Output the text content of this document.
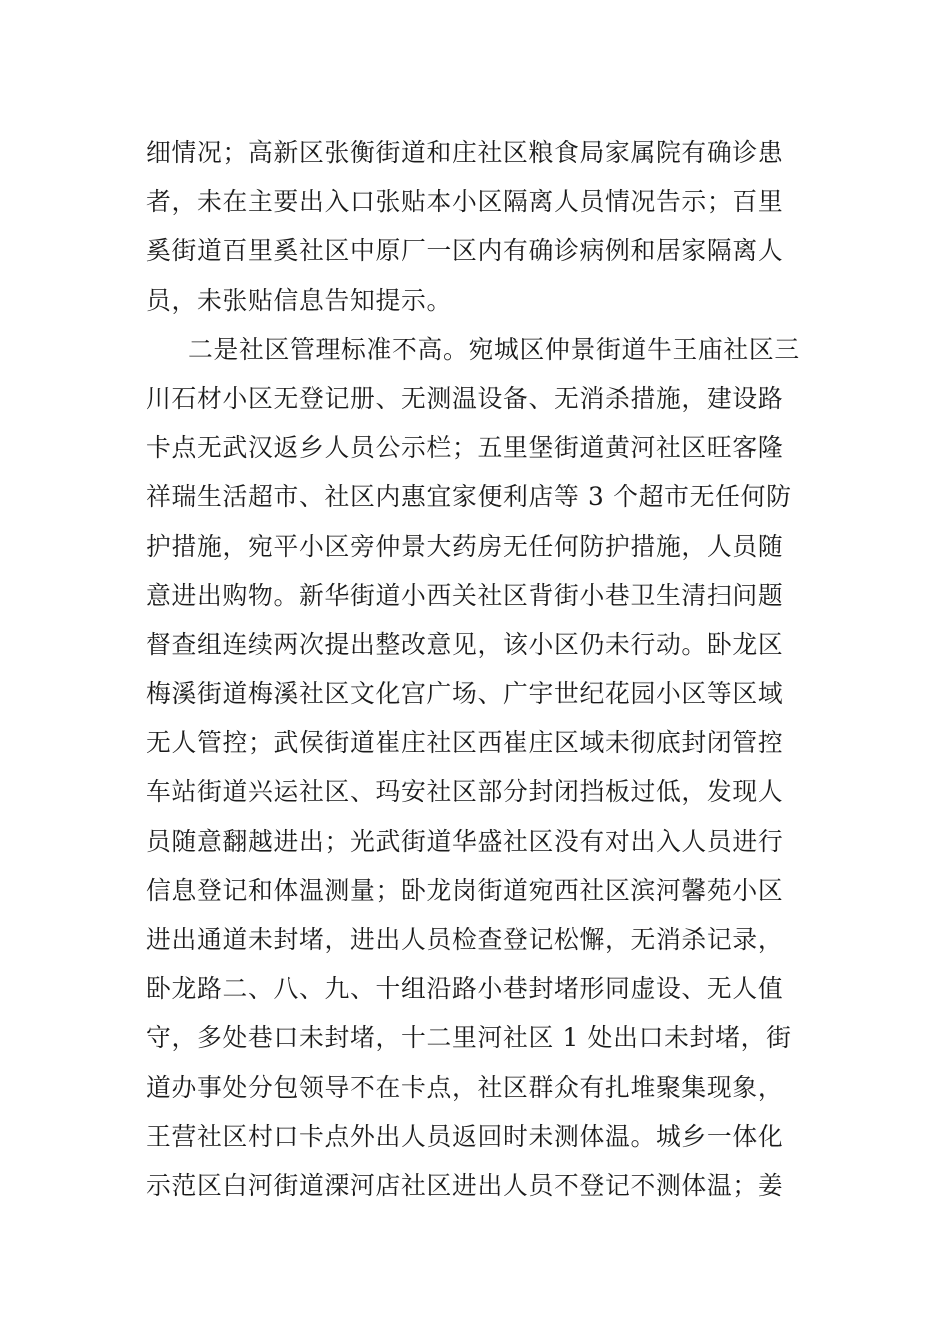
细情况；高新区张衡街道和庄社区粮食局家属院有确诊患
者，未在主要出入口张贴本小区隔离人员情况告示；百里
奚街道百里奚社区中原厂一区内有确诊病例和居家隔离人
员，未张贴信息告知提示。
二是社区管理标准不高。宛城区仲景街道牛王庙社区三
川石材小区无登记册、无测温设备、无消杀措施，建设路
卡点无武汉返乡人员公示栏；五里堡街道黄河社区旺客隆
祥瑞生活超市、社区内惠宜家便利店等 3 个超市无任何防
护措施，宛平小区旁仲景大药房无任何防护措施，人员随
意进出购物。新华街道小西关社区背街小巷卫生清扫问题
督查组连续两次提出整改意见，该小区仍未行动。卧龙区
梅溪街道梅溪社区文化宫广场、广宇世纪花园小区等区域
无人管控；武侯街道崔庄社区西崔庄区域未彻底封闭管控
车站街道兴运社区、玛安社区部分封闭挡板过低，发现人
员随意翻越进出；光武街道华盛社区没有对出入人员进行
信息登记和体温测量；卧龙岗街道宛西社区滨河馨苑小区
进出通道未封堵，进出人员检查登记松懈，无消杀记录，
卧龙路二、八、九、十组沿路小巷封堵形同虚设、无人值
守，多处巷口未封堵，十二里河社区 1 处出口未封堵，街
道办事处分包领导不在卡点，社区群众有扎堆聚集现象，
王营社区村口卡点外出人员返回时未测体温。城乡一体化
示范区白河街道溧河店社区进出人员不登记不测体温；姜
